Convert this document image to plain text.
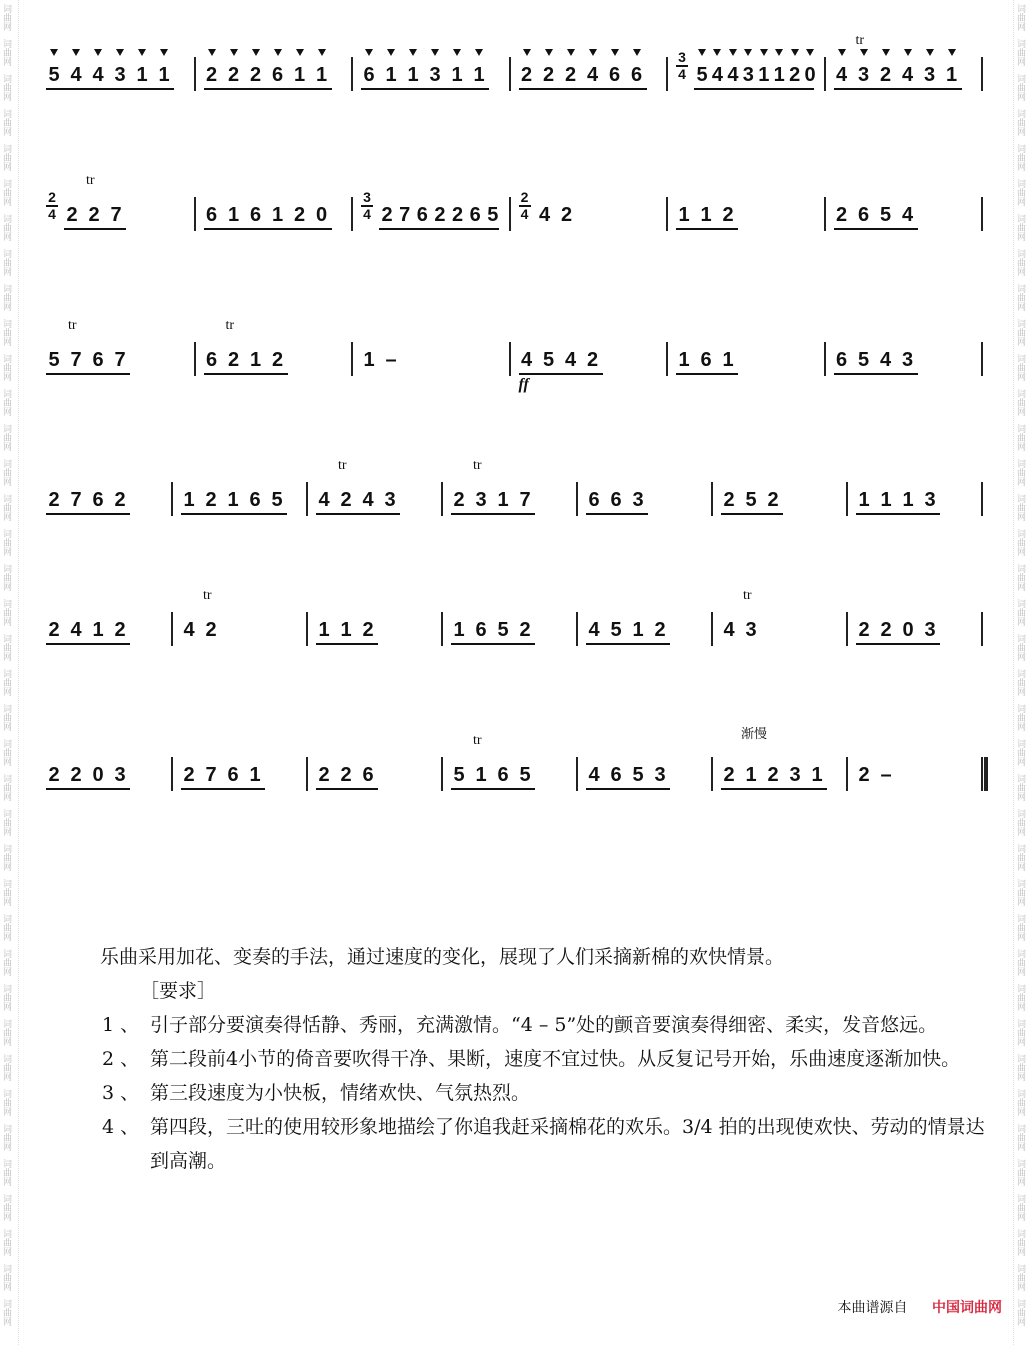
词曲网
词曲网
词曲网
词曲网
词曲网
词曲网
词曲网
词曲网
词曲网
词曲网
词曲网
词曲网
词曲网
词曲网
词曲网
词曲网
词曲网
词曲网
词曲网
词曲网
词曲网
词曲网
词曲网
词曲网
词曲网
词曲网
词曲网
词曲网
词曲网
词曲网
词曲网
词曲网
词曲网
词曲网
词曲网
词曲网
词曲网
词曲网
词曲网
词曲网
词曲网
词曲网
词曲网
词曲网
词曲网
词曲网
词曲网
词曲网
词曲网
词曲网
词曲网
词曲网
词曲网
词曲网
词曲网
词曲网
词曲网
词曲网
词曲网
词曲网
词曲网
词曲网
词曲网
词曲网
词曲网
词曲网
词曲网
词曲网
词曲网
词曲网
词曲网
词曲网
词曲网
词曲网
词曲网
词曲网
5 4 4 3 1 1 2 2 2 6 1 1 6 1 1 3 1 1 2 2 2 4 6 6
3
4 5 4 4 3 1 1 2 0 4 3 2 4 3 1
tr
2
4 2 2 7
tr
6 1 6 1 2 0
3
4 2 7 6 2 2 6 5
2
4 4 2	1 1 2	2 6 5 4
5 7 6 7
tr
6 2 1 2
tr
1 –	4 5 4 2
ff
1 6 1	6 5 4 3
2 7 6 2	1 2 1 6 5 4 2 4 3
tr
2 3 1 7
tr
6 6 3	2 5 2	1 1 1 3
2 4 1 2	4 2
tr
1 1 2	1 6 5 2	4 5 1 2	4 3
tr
2 2 0 3
2 2 0 3	2 7 6 1	2 2 6	5 1 6 5
tr
4 6 5 3	2 1 2 3 1
渐慢
2 –

乐曲采用加花、变奏的手法，通过速度的变化，展现了人们采摘新棉的欢快情景。

［要求］

1 、 引子部分要演奏得恬静、秀丽，充满激情。“4 – 5”处的颤音要演奏得细密、柔实，发音悠远。
2 、 第二段前4小节的倚音要吹得干净、果断，速度不宜过快。从反复记号开始，乐曲速度逐渐加快。
3 、 第三段速度为小快板，情绪欢快、气氛热烈。
4 、 第四段，三吐的使用较形象地描绘了你追我赶采摘棉花的欢乐。3/4 拍的出现使欢快、劳动的情景达到高潮。
本曲谱源自 中国词曲网
